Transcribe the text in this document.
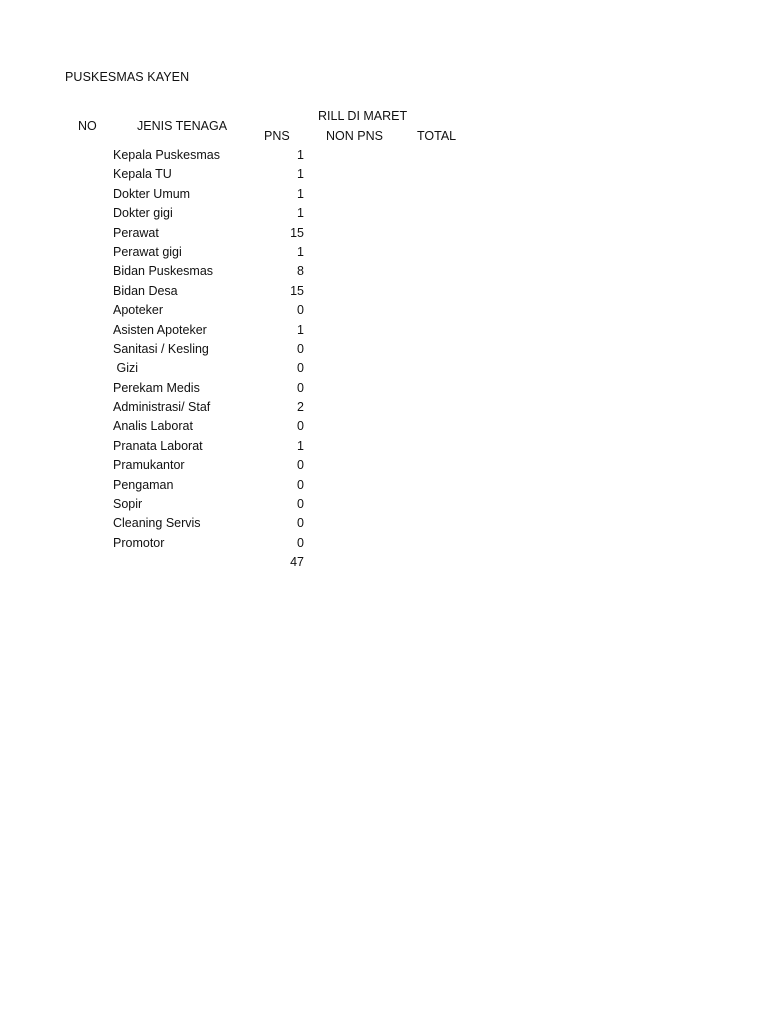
PUSKESMAS KAYEN
NO	JENIS TENAGA
RILL DI MARET
PNS	NON PNS	TOTAL
Kepala Puskesmas	1
Kepala TU	1
Dokter Umum	1
Dokter gigi	1
Perawat	15
Perawat gigi	1
Bidan Puskesmas	8
Bidan Desa	15
Apoteker	0
Asisten Apoteker	1
Sanitasi / Kesling	0
Gizi	0
Perekam Medis	0
Administrasi/ Staf	2
Analis Laborat	0
Pranata Laborat	1
Pramukantor	0
Pengaman	0
Sopir	0
Cleaning Servis	0
Promotor	0
47
